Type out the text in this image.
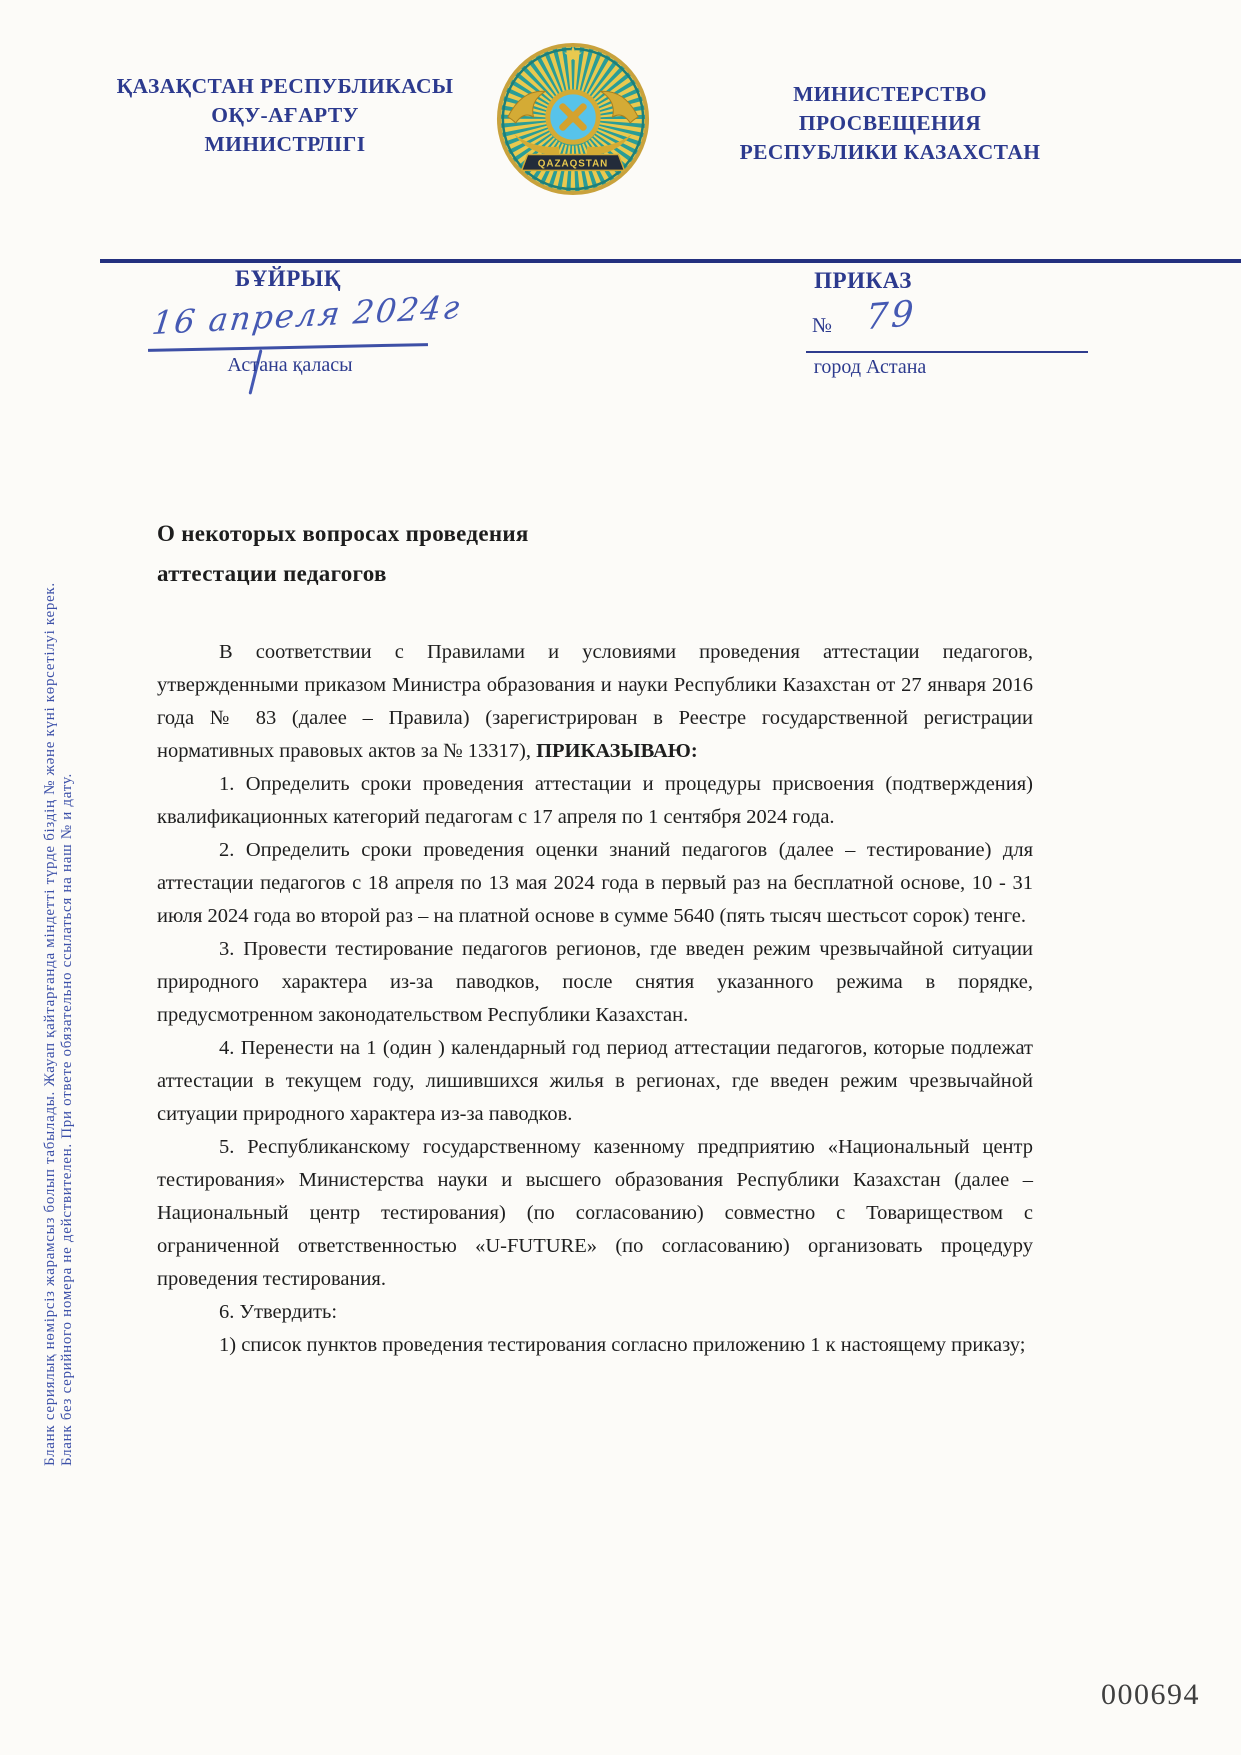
ҚАЗАҚСТАН РЕСПУБЛИКАСЫ
ОҚУ-АҒАРТУ
МИНИСТРЛІГІ
QAZAQSTAN
МИНИСТЕРСТВО
ПРОСВЕЩЕНИЯ
РЕСПУБЛИКИ КАЗАХСТАН
БҰЙРЫҚ	ПРИКАЗ
16 апреля 2024г	№ 79
Астана қаласы	город Астана
Бланк сериялық нөмірсіз жарамсыз болып табылады. Жауап қайтарғанда міндетті түрде біздің № және күні көрсетілуі керек. Бланк без серийного номера не действителен. При ответе обязательно ссылаться на наш № и дату.
О некоторых вопросах проведения
аттестации педагогов

В соответствии с Правилами и условиями проведения аттестации педагогов, утвержденными приказом Министра образования и науки Республики Казахстан от 27 января 2016 года № 83 (далее – Правила) (зарегистрирован в Реестре государственной регистрации нормативных правовых актов за № 13317), ПРИКАЗЫВАЮ:

1. Определить сроки проведения аттестации и процедуры присвоения (подтверждения) квалификационных категорий педагогам с 17 апреля по 1 сентября 2024 года.

2. Определить сроки проведения оценки знаний педагогов (далее – тестирование) для аттестации педагогов с 18 апреля по 13 мая 2024 года в первый раз на бесплатной основе, 10 - 31 июля 2024 года во второй раз – на платной основе в сумме 5640 (пять тысяч шестьсот сорок) тенге.

3. Провести тестирование педагогов регионов, где введен режим чрезвычайной ситуации природного характера из-за паводков, после снятия указанного режима в порядке, предусмотренном законодательством Республики Казахстан.

4. Перенести на 1 (один ) календарный год период аттестации педагогов, которые подлежат аттестации в текущем году, лишившихся жилья в регионах, где введен режим чрезвычайной ситуации природного характера из-за паводков.

5. Республиканскому государственному казенному предприятию «Национальный центр тестирования» Министерства науки и высшего образования Республики Казахстан (далее – Национальный центр тестирования) (по согласованию) совместно с Товариществом с ограниченной ответственностью «U-FUTURE» (по согласованию) организовать процедуру проведения тестирования.

6. Утвердить:

1) список пунктов проведения тестирования согласно приложению 1 к настоящему приказу;

000694
